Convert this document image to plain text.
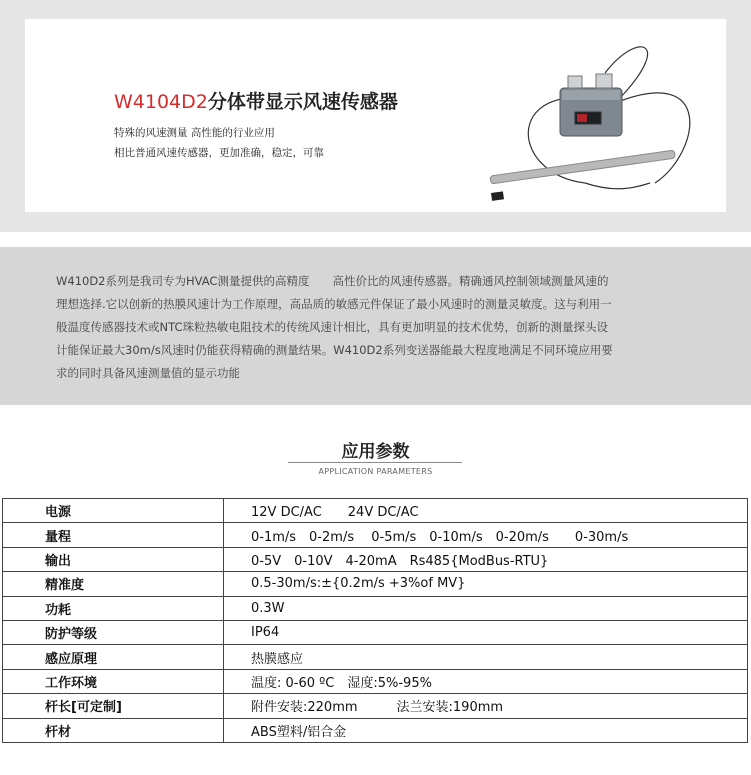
W4104D2分体带显示风速传感器
特殊的风速测量 高性能的行业应用
相比普通风速传感器，更加准确，稳定，可靠

W410D2系列是我司专为HVAC测量提供的高精度　　高性价比的风速传感器。精确通风控制领域测量风速的
理想选择.它以创新的热膜风速计为工作原理，高品质的敏感元件保证了最小风速时的测量灵敏度。这与利用一
般温度传感器技术或NTC珠粒热敏电阻技术的传统风速计相比，具有更加明显的技术优势，创新的测量探头设
计能保证最大30m/s风速时仍能获得精确的测量结果。W410D2系列变送器能最大程度地满足不同环境应用要
求的同时具备风速测量值的显示功能

应用参数
APPLICATION PARAMETERS
电源	12V DC/AC　　24V DC/AC
量程	0-1m/s　0-2m/s　 0-5m/s　0-10m/s　0-20m/s　　0-30m/s
输出	0-5V　0-10V　4-20mA　Rs485{ModBus-RTU}
精准度	0.5-30m/s:±{0.2m/s +3%of MV}
功耗	0.3W
防护等级	IP64
感应原理	热膜感应
工作环境	温度: 0-60 ºC　湿度:5%-95%
杆长[可定制]	附件安装:220mm　　　法兰安装:190mm
杆材	ABS塑料/铝合金
